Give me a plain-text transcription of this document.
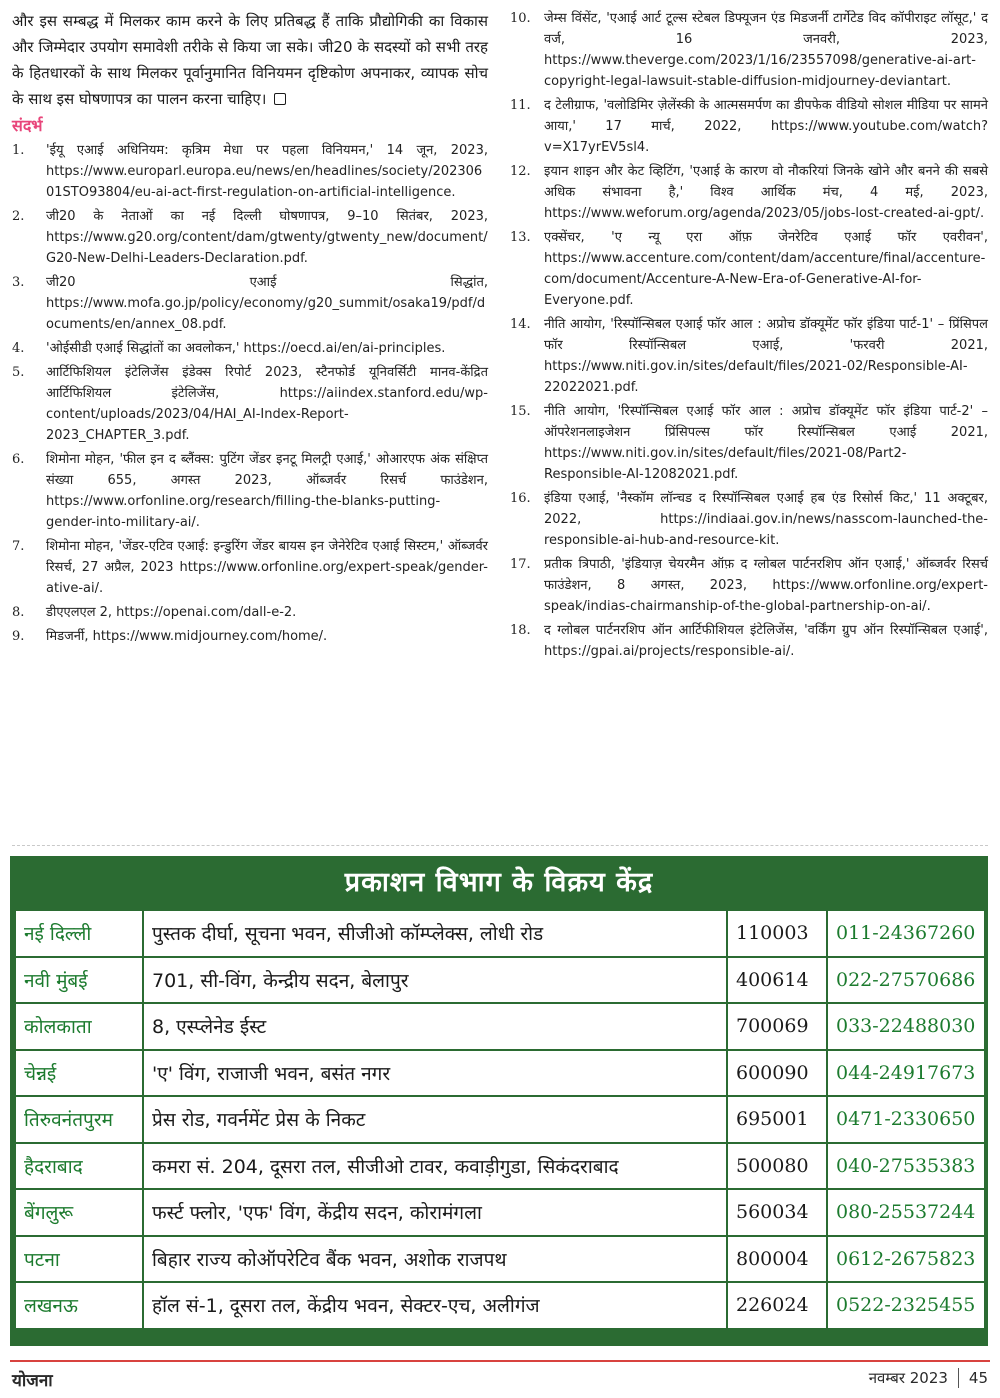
और इस सम्बद्ध में मिलकर काम करने के लिए प्रतिबद्ध हैं ताकि प्रौद्योगिकी का विकास और जिम्मेदार उपयोग समावेशी तरीके से किया जा सके। जी20 के सदस्यों को सभी तरह के हितधारकों के साथ मिलकर पूर्वानुमानित विनियमन दृष्टिकोण अपनाकर, व्यापक सोच के साथ इस घोषणापत्र का पालन करना चाहिए।

संदर्भ
1.	'ईयू एआई अधिनियम: कृत्रिम मेधा पर पहला विनियमन,' 14 जून, 2023, https://www.europarl.europa.eu/news/en/headlines/society/20230601STO93804/eu-ai-act-first-regulation-on-artificial-intelligence.
2.	जी20 के नेताओं का नई दिल्ली घोषणापत्र, 9–10 सितंबर, 2023, https://www.g20.org/content/dam/gtwenty/gtwenty_new/document/G20-New-Delhi-Leaders-Declaration.pdf.
3.	जी20 एआई सिद्धांत, https://www.mofa.go.jp/policy/economy/g20_summit/osaka19/pdf/documents/en/annex_08.pdf.
4.	'ओईसीडी एआई सिद्धांतों का अवलोकन,' https://oecd.ai/en/ai-principles.
5.	आर्टिफिशियल इंटेलिजेंस इंडेक्स रिपोर्ट 2023, स्टैनफोर्ड यूनिवर्सिटी मानव-केंद्रित आर्टिफिशियल इंटेलिजेंस, https://aiindex.stanford.edu/wp-content/uploads/2023/04/HAI_AI-Index-Report-2023_CHAPTER_3.pdf.
6.	शिमोना मोहन, 'फील इन द ब्लैंक्स: पुटिंग जेंडर इनटू मिलट्री एआई,' ओआरएफ अंक संक्षिप्त संख्या 655, अगस्त 2023, ऑब्जर्वर रिसर्च फाउंडेशन, https://www.orfonline.org/research/filling-the-blanks-putting-gender-into-military-ai/.
7.	शिमोना मोहन, 'जेंडर-एटिव एआई: इन्डुरिंग जेंडर बायस इन जेनेरेटिव एआई सिस्टम,' ऑब्जर्वर रिसर्च, 27 अप्रैल, 2023 https://www.orfonline.org/expert-speak/gender-ative-ai/.
8.	डीएएलएल 2, https://openai.com/dall-e-2.
9.	मिडजर्नी, https://www.midjourney.com/home/.
10.	जेम्स विंसेंट, 'एआई आर्ट टूल्स स्टेबल डिफ्यूजन एंड मिडजर्नी टार्गेटेड विद कॉपीराइट लॉसूट,' द वर्ज, 16 जनवरी, 2023, https://www.theverge.com/2023/1/16/23557098/generative-ai-art-copyright-legal-lawsuit-stable-diffusion-midjourney-deviantart.
11.	द टेलीग्राफ, 'वलोडिमिर ज़ेलेंस्की के आत्मसमर्पण का डीपफेक वीडियो सोशल मीडिया पर सामने आया,' 17 मार्च, 2022, https://www.youtube.com/watch?v=X17yrEV5sl4.
12.	इयान शाइन और केट व्हिटिंग, 'एआई के कारण वो नौकरियां जिनके खोने और बनने की सबसे अधिक संभावना है,' विश्व आर्थिक मंच, 4 मई, 2023, https://www.weforum.org/agenda/2023/05/jobs-lost-created-ai-gpt/.
13.	एक्सेंचर, 'ए न्यू एरा ऑफ़ जेनरेटिव एआई फॉर एवरीवन', https://www.accenture.com/content/dam/accenture/final/accenture-com/document/Accenture-A-New-Era-of-Generative-AI-for-Everyone.pdf.
14.	नीति आयोग, 'रिस्पॉन्सिबल एआई फॉर आल : अप्रोच डॉक्यूमेंट फॉर इंडिया पार्ट-1' – प्रिंसिपल फॉर रिस्पॉन्सिबल एआई, 'फरवरी 2021, https://www.niti.gov.in/sites/default/files/2021-02/Responsible-AI-22022021.pdf.
15.	नीति आयोग, 'रिस्पॉन्सिबल एआई फॉर आल : अप्रोच डॉक्यूमेंट फॉर इंडिया पार्ट-2' – ऑपरेशनलाइजेशन प्रिंसिपल्स फॉर रिस्पॉन्सिबल एआई 2021, https://www.niti.gov.in/sites/default/files/2021-08/Part2-Responsible-AI-12082021.pdf.
16.	इंडिया एआई, 'नैस्कॉम लॉन्चड द रिस्पॉन्सिबल एआई हब एंड रिसोर्स किट,' 11 अक्टूबर, 2022, https://indiaai.gov.in/news/nasscom-launched-the-responsible-ai-hub-and-resource-kit.
17.	प्रतीक त्रिपाठी, 'इंडियाज़ चेयरमैन ऑफ़ द ग्लोबल पार्टनरशिप ऑन एआई,' ऑब्जर्वर रिसर्च फाउंडेशन, 8 अगस्त, 2023, https://www.orfonline.org/expert-speak/indias-chairmanship-of-the-global-partnership-on-ai/.
18.	द ग्लोबल पार्टनरशिप ऑन आर्टिफीशियल इंटेलिजेंस, 'वर्किंग ग्रुप ऑन रिस्पॉन्सिबल एआई', https://gpai.ai/projects/responsible-ai/.
प्रकाशन विभाग के विक्रय केंद्र
नई दिल्ली	पुस्तक दीर्घा, सूचना भवन, सीजीओ कॉम्प्लेक्स, लोधी रोड	110003	011-24367260
नवी मुंबई	701, सी-विंग, केन्द्रीय सदन, बेलापुर	400614	022-27570686
कोलकाता	8, एस्प्लेनेड ईस्ट	700069	033-22488030
चेन्नई	'ए' विंग, राजाजी भवन, बसंत नगर	600090	044-24917673
तिरुवनंतपुरम	प्रेस रोड, गवर्नमेंट प्रेस के निकट	695001	0471-2330650
हैदराबाद	कमरा सं. 204, दूसरा तल, सीजीओ टावर, कवाड़ीगुडा, सिकंदराबाद	500080	040-27535383
बेंगलुरू	फर्स्ट फ्लोर, 'एफ' विंग, केंद्रीय सदन, कोरामंगला	560034	080-25537244
पटना	बिहार राज्य कोऑपरेटिव बैंक भवन, अशोक राजपथ	800004	0612-2675823
लखनऊ	हॉल सं-1, दूसरा तल, केंद्रीय भवन, सेक्टर-एच, अलीगंज	226024	0522-2325455
योजना	नवम्बर 2023 45
